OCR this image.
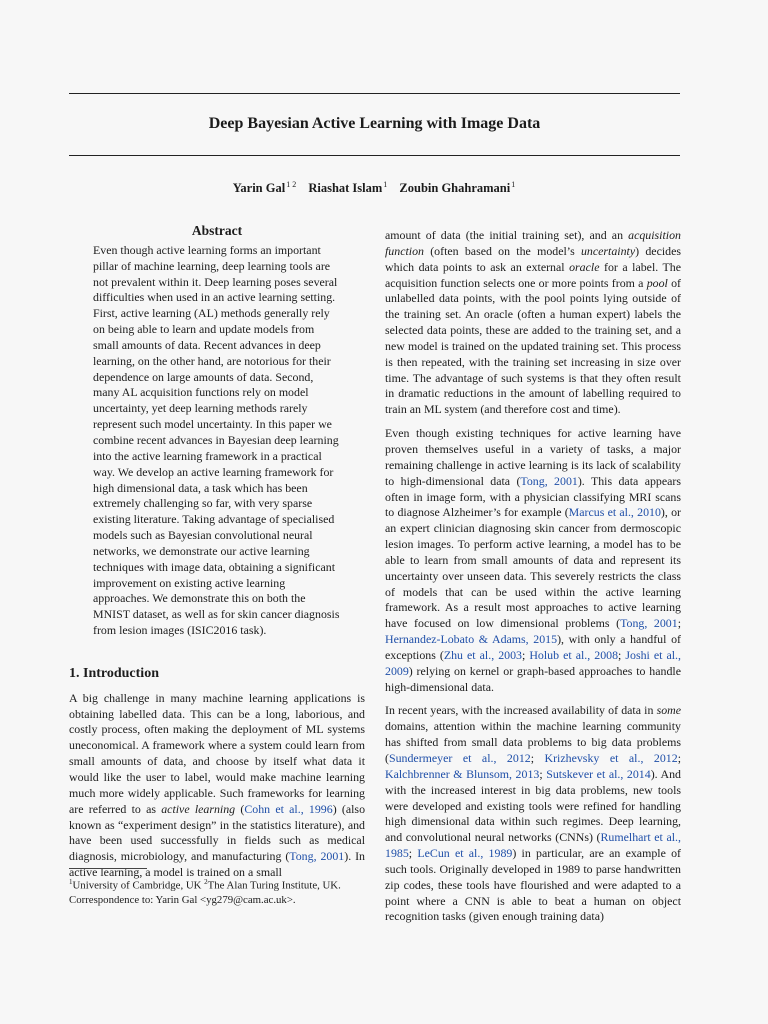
Deep Bayesian Active Learning with Image Data
Yarin Gal$^{1 2}$ Riashat Islam$^1$ Zoubin Ghahramani$^1$
Abstract

Even though active learning forms an important pillar of machine learning, deep learning tools are not prevalent within it. Deep learning poses several difficulties when used in an active learning setting. First, active learning (AL) methods generally rely on being able to learn and update models from small amounts of data. Recent advances in deep learning, on the other hand, are notorious for their dependence on large amounts of data. Second, many AL acquisition functions rely on model uncertainty, yet deep learning methods rarely represent such model uncertainty. In this paper we combine recent advances in Bayesian deep learning into the active learning framework in a practical way. We develop an active learning framework for high dimensional data, a task which has been extremely challenging so far, with very sparse existing literature. Taking advantage of specialised models such as Bayesian convolutional neural networks, we demonstrate our active learning techniques with image data, obtaining a significant improvement on existing active learning approaches. We demonstrate this on both the MNIST dataset, as well as for skin cancer diagnosis from lesion images (ISIC2016 task).

1. Introduction

A big challenge in many machine learning applications is obtaining labelled data. This can be a long, laborious, and costly process, often making the deployment of ML systems uneconomical. A framework where a system could learn from small amounts of data, and choose by itself what data it would like the user to label, would make machine learning much more widely applicable. Such frameworks for learning are referred to as active learning (Cohn et al., 1996) (also known as “experiment design” in the statistics literature), and have been used successfully in fields such as medical diagnosis, microbiology, and manufacturing (Tong, 2001). In active learning, a model is trained on a small

$^1$University of Cambridge, UK $^2$The Alan Turing Institute, UK.
Correspondence to: Yarin Gal <yg279@cam.ac.uk>.

amount of data (the initial training set), and an acquisition function (often based on the model’s uncertainty) decides which data points to ask an external oracle for a label. The acquisition function selects one or more points from a pool of unlabelled data points, with the pool points lying outside of the training set. An oracle (often a human expert) labels the selected data points, these are added to the training set, and a new model is trained on the updated training set. This process is then repeated, with the training set increasing in size over time. The advantage of such systems is that they often result in dramatic reductions in the amount of labelling required to train an ML system (and therefore cost and time).

Even though existing techniques for active learning have proven themselves useful in a variety of tasks, a major remaining challenge in active learning is its lack of scalability to high-dimensional data (Tong, 2001). This data appears often in image form, with a physician classifying MRI scans to diagnose Alzheimer’s for example (Marcus et al., 2010), or an expert clinician diagnosing skin cancer from dermoscopic lesion images. To perform active learning, a model has to be able to learn from small amounts of data and represent its uncertainty over unseen data. This severely restricts the class of models that can be used within the active learning framework. As a result most approaches to active learning have focused on low dimensional problems (Tong, 2001; Hernandez-Lobato & Adams, 2015), with only a handful of exceptions (Zhu et al., 2003; Holub et al., 2008; Joshi et al., 2009) relying on kernel or graph-based approaches to handle high-dimensional data.

In recent years, with the increased availability of data in some domains, attention within the machine learning community has shifted from small data problems to big data problems (Sundermeyer et al., 2012; Krizhevsky et al., 2012; Kalchbrenner & Blunsom, 2013; Sutskever et al., 2014). And with the increased interest in big data problems, new tools were developed and existing tools were refined for handling high dimensional data within such regimes. Deep learning, and convolutional neural networks (CNNs) (Rumelhart et al., 1985; LeCun et al., 1989) in particular, are an example of such tools. Originally developed in 1989 to parse handwritten zip codes, these tools have flourished and were adapted to a point where a CNN is able to beat a human on object recognition tasks (given enough training data)
